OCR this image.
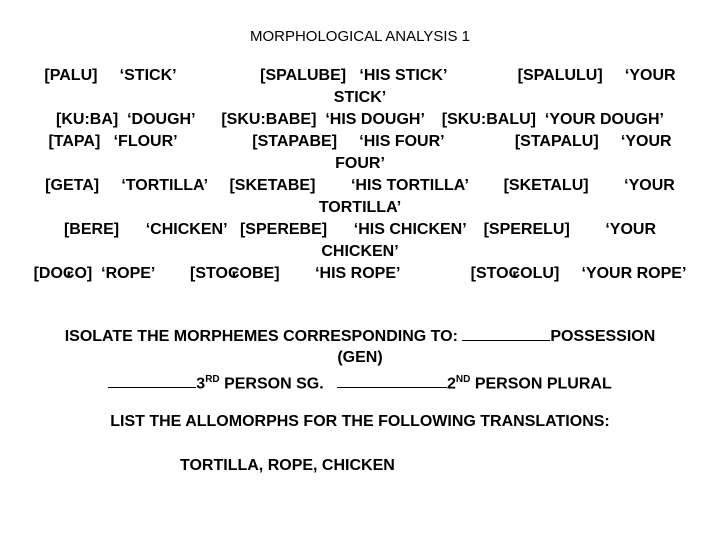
MORPHOLOGICAL ANALYSIS 1
[PALU]     ‘STICK’                   [SPALUBE]   ‘HIS STICK’                [SPALULU]     ‘YOUR
STICK’
[KU:BA]  ‘DOUGH’      [SKU:BABE]  ‘HIS DOUGH’    [SKU:BALU]  ‘YOUR DOUGH’
[TAPA]   ‘FLOUR’                 [STAPABE]     ‘HIS FOUR’                [STAPALU]     ‘YOUR
FOUR’
[GETA]     ‘TORTILLA’     [SKETABE]        ‘HIS TORTILLA’        [SKETALU]        ‘YOUR
TORTILLA’
[BERE]      ‘CHICKEN’   [SPEREBE]      ‘HIS CHICKEN’    [SPERELU]        ‘YOUR
CHICKEN’
[DO₢O]  ‘ROPE’        [STO₢OBE]        ‘HIS ROPE’                [STO₢OLU]     ‘YOUR ROPE’
ISOLATE THE MORPHEMES CORRESPONDING TO:	POSSESSION
(GEN)
3RD PERSON SG.	2ND PERSON PLURAL
LIST THE ALLOMORPHS FOR THE FOLLOWING TRANSLATIONS:
TORTILLA, ROPE, CHICKEN
